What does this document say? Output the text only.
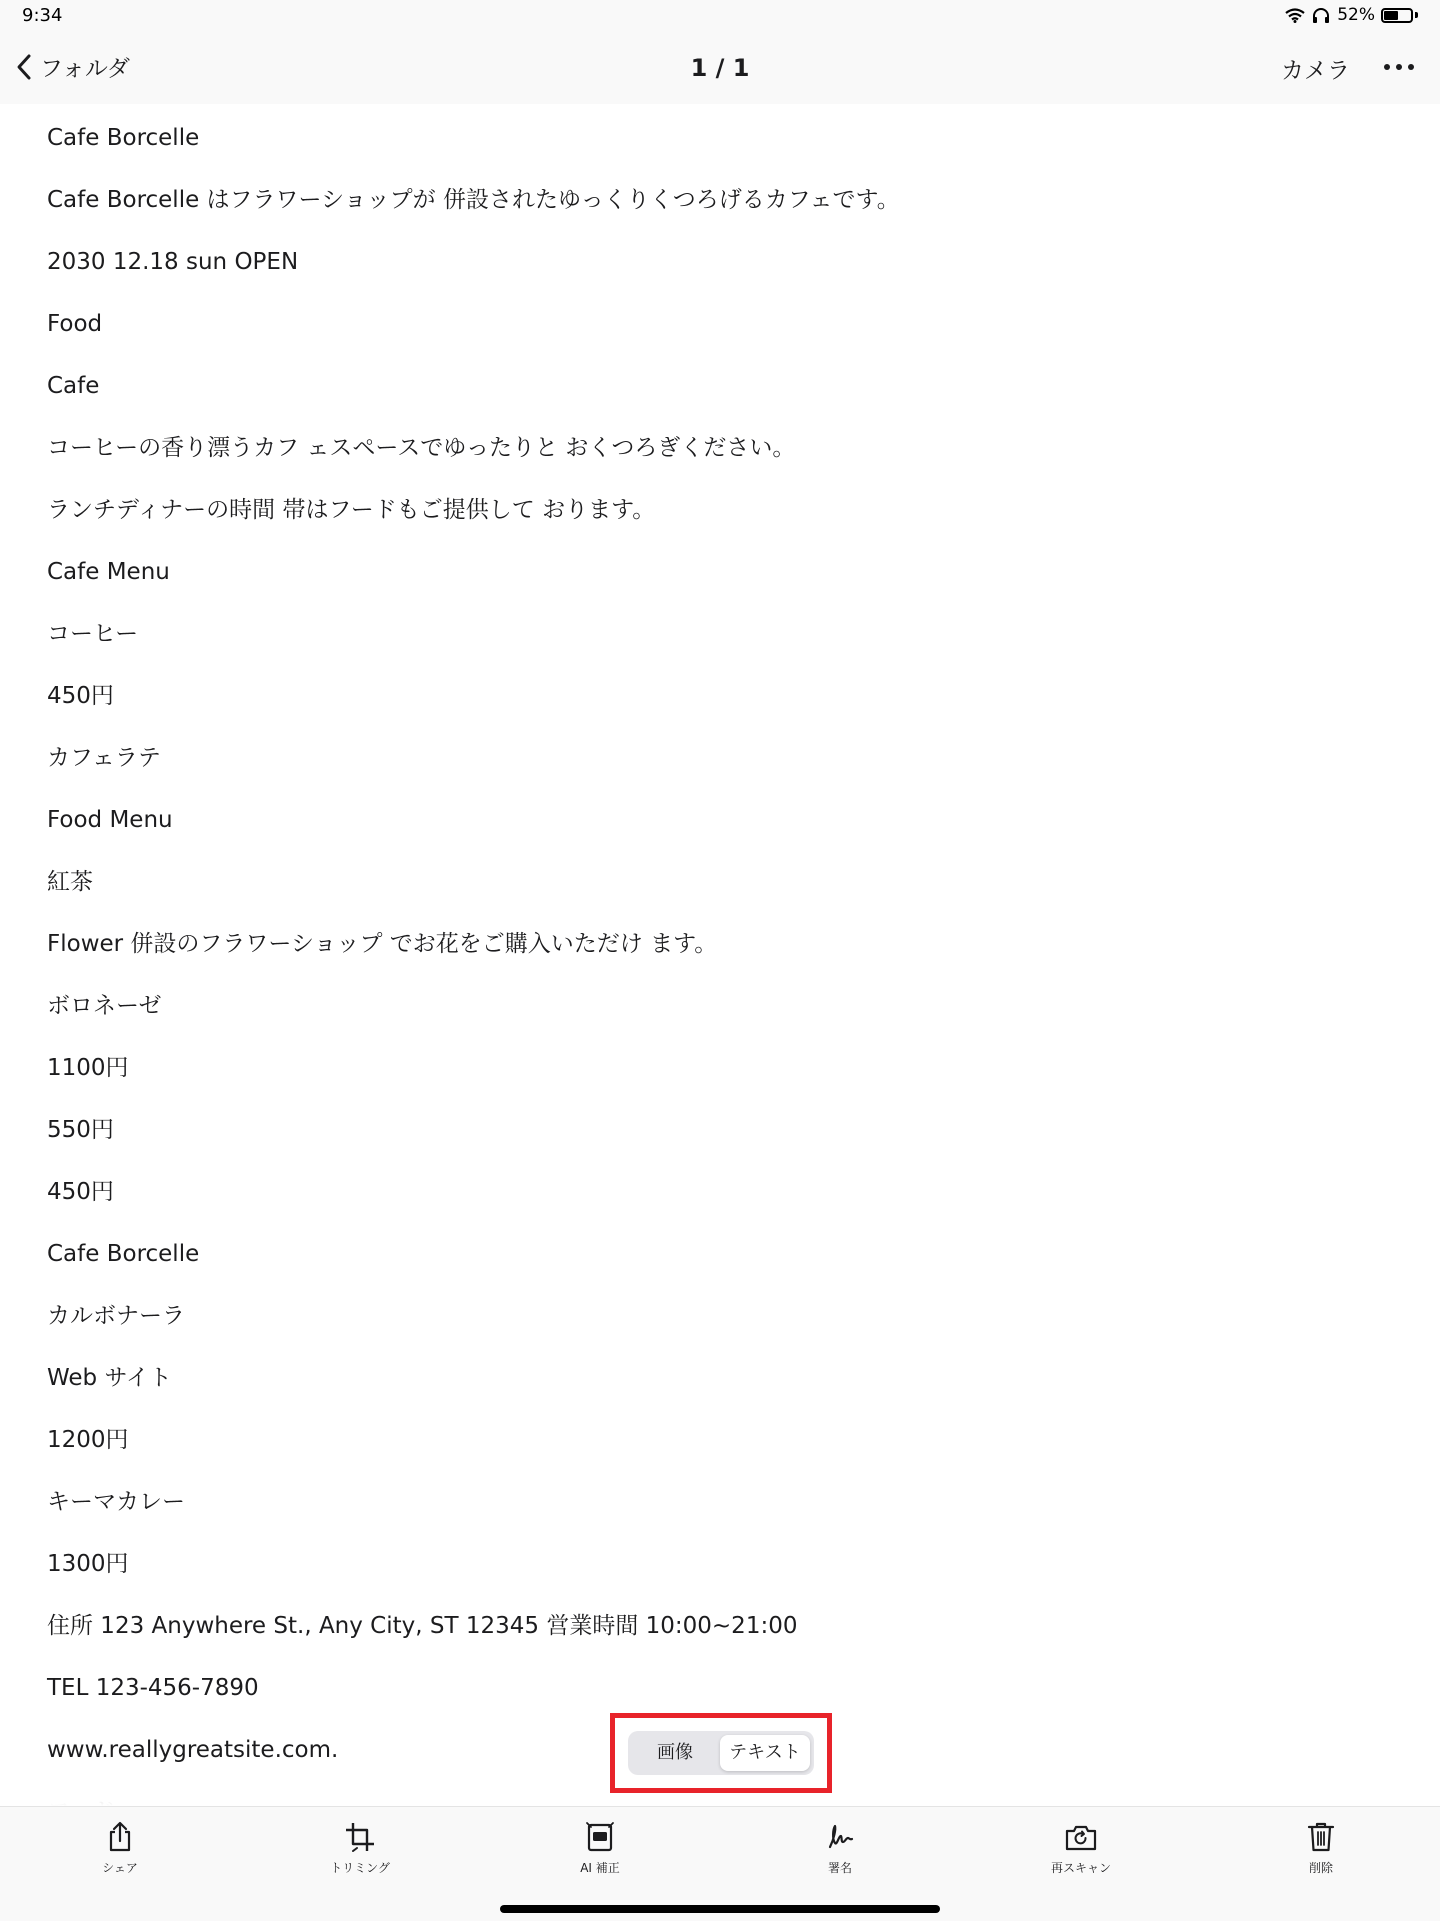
9:34	52%
フォルダ	1 / 1	カメラ
Cafe Borcelle
Cafe Borcelle はフラワーショップが 併設されたゆっくりくつろげるカフェです。
2030 12.18 sun OPEN
Food
Cafe
コーヒーの香り漂うカフ ェスペースでゆったりと おくつろぎください。
ランチディナーの時間 帯はフードもご提供して おります。
Cafe Menu
コーヒー
450円
カフェラテ
Food Menu
紅茶
Flower 併設のフラワーショップ でお花をご購入いただけ ます。
ボロネーゼ
1100円
550円
450円
Cafe Borcelle
カルボナーラ
Web サイト
1200円
キーマカレー
1300円
住所 123 Anywhere St., Any City, ST 12345 営業時間 10:00~21:00
TEL 123-456-7890
www.reallygreatsite.com.	画像	テキスト
シェア	トリミング	AI 補正	署名	再スキャン	削除
